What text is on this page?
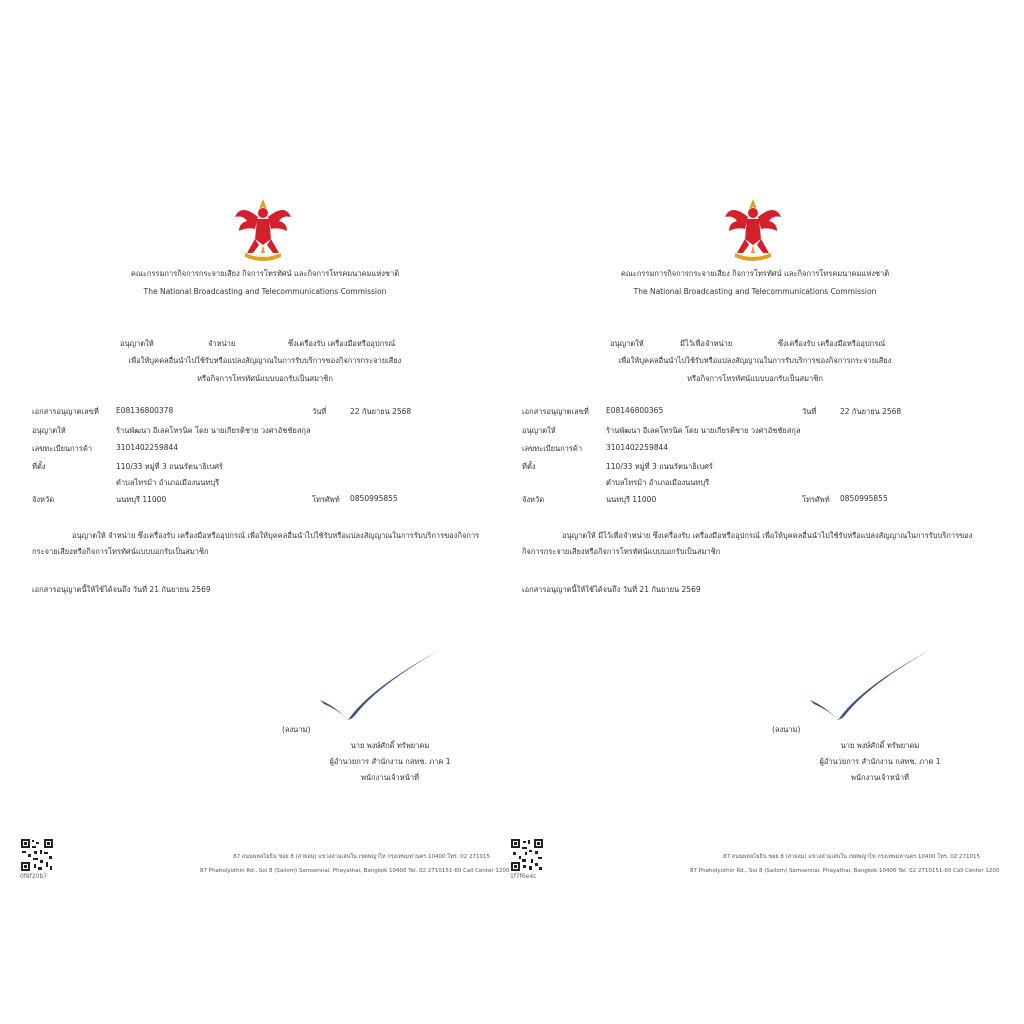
คณะกรรมการกิจการกระจายเสียง กิจการโทรทัศน์ และกิจการโทรคมนาคมแห่งชาติ
The National Broadcasting and Telecommunications Commission
อนุญาตให้	จำหน่าย	ซึ่งเครื่องรับ เครื่องมือหรืออุปกรณ์
เพื่อให้บุคคลอื่นนำไปใช้รับหรือแปลงสัญญาณในการรับบริการของกิจการกระจายเสียง
หรือกิจการโทรทัศน์แบบบอกรับเป็นสมาชิก
เอกสารอนุญาตเลขที่ E08136800378	วันที่	22 กันยายน 2568
อนุญาตให้	ร้านพัฒนา อีเลคโทรนิค โดย นายเกียรติชาย วงศาอัชชัยสกุล
เลขทะเบียนการค้า	3101402259844
ที่ตั้ง	110/33 หมู่ที่ 3 ถนนรัตนาธิเบศร์
ตำบลไทรม้า อำเภอเมืองนนทบุรี
จังหวัด	นนทบุรี 11000	โทรศัพท์ 0850995855
อนุญาตให้ จำหน่าย ซึ่งเครื่องรับ เครื่องมือหรืออุปกรณ์ เพื่อให้บุคคลอื่นนำไปใช้รับหรือแปลงสัญญาณในการรับบริการของกิจการกระจายเสียงหรือกิจการโทรทัศน์แบบบอกรับเป็นสมาชิก
เอกสารอนุญาตนี้ให้ใช้ได้จนถึง วันที่ 21 กันยายน 2569
(ลงนาม)
นาย พงษ์ศักดิ์ ทรัพยาคม
ผู้อำนวยการ สำนักงาน กสทช. ภาค 1
พนักงานเจ้าหน้าที่
0f8f20b7
87 ถนนพหลโยธิน ซอย 8 (สายลม) แขวงสามเสนใน เขตพญาไท กรุงเทพมหานคร 10400 โทร. 02 271015
87 Phaholyothin Rd., Soi 8 (Sailom) Samsennai, Phayathai, Bangkok 10400 Tel. 02 2710151-60 Call Center 1200
คณะกรรมการกิจการกระจายเสียง กิจการโทรทัศน์ และกิจการโทรคมนาคมแห่งชาติ
The National Broadcasting and Telecommunications Commission
อนุญาตให้	มีไว้เพื่อจำหน่าย	ซึ่งเครื่องรับ เครื่องมือหรืออุปกรณ์
เพื่อให้บุคคลอื่นนำไปใช้รับหรือแปลงสัญญาณในการรับบริการของกิจการกระจายเสียง
หรือกิจการโทรทัศน์แบบบอกรับเป็นสมาชิก
เอกสารอนุญาตเลขที่ E08146800365	วันที่	22 กันยายน 2568
อนุญาตให้	ร้านพัฒนา อีเลคโทรนิค โดย นายเกียรติชาย วงศาอัชชัยสกุล
เลขทะเบียนการค้า	3101402259844
ที่ตั้ง	110/33 หมู่ที่ 3 ถนนรัตนาธิเบศร์
ตำบลไทรม้า อำเภอเมืองนนทบุรี
จังหวัด	นนทบุรี 11000	โทรศัพท์ 0850995855
อนุญาตให้ มีไว้เพื่อจำหน่าย ซึ่งเครื่องรับ เครื่องมือหรืออุปกรณ์ เพื่อให้บุคคลอื่นนำไปใช้รับหรือแปลงสัญญาณในการรับบริการของกิจการกระจายเสียงหรือกิจการโทรทัศน์แบบบอกรับเป็นสมาชิก
เอกสารอนุญาตนี้ให้ใช้ได้จนถึง วันที่ 21 กันยายน 2569
(ลงนาม)
นาย พงษ์ศักดิ์ ทรัพยาคม
ผู้อำนวยการ สำนักงาน กสทช. ภาค 1
พนักงานเจ้าหน้าที่
1f7f6e4c
87 ถนนพหลโยธิน ซอย 8 (สายลม) แขวงสามเสนใน เขตพญาไท กรุงเทพมหานคร 10400 โทร. 02 271015
87 Phaholyothin Rd., Soi 8 (Sailom) Samsennai, Phayathai, Bangkok 10400 Tel. 02 2710151-60 Call Center 1200
